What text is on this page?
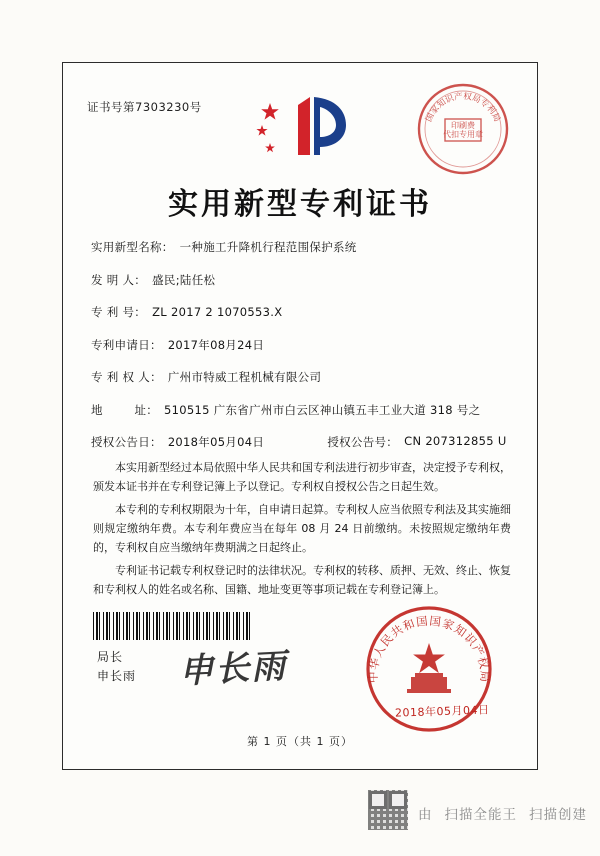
证书号第7303230号
国家知识产权局专利局
印刷费
代扣专用章
实用新型专利证书
实用新型名称： 一种施工升降机行程范围保护系统
发 明 人： 盛民;陆任松
专 利 号： ZL 2017 2 1070553.X
专利申请日： 2017年08月24日
专 利 权 人： 广州市特威工程机械有限公司
地        址： 510515 广东省广州市白云区神山镇五丰工业大道 318 号之
授权公告日： 2018年05月04日	授权公告号： CN 207312855 U

本实用新型经过本局依照中华人民共和国专利法进行初步审查，决定授予专利权，颁发本证书并在专利登记簿上予以登记。专利权自授权公告之日起生效。

本专利的专利权期限为十年，自申请日起算。专利权人应当依照专利法及其实施细则规定缴纳年费。本专利年费应当在每年 08 月 24 日前缴纳。未按照规定缴纳年费的，专利权自应当缴纳年费期满之日起终止。

专利证书记载专利权登记时的法律状况。专利权的转移、质押、无效、终止、恢复和专利权人的姓名或名称、国籍、地址变更等事项记载在专利登记簿上。

局长
申长雨 申长雨	中华人民共和国国家知识产权局
2018年05月04日
第 1 页（共 1 页）
由 扫描全能王 扫描创建
